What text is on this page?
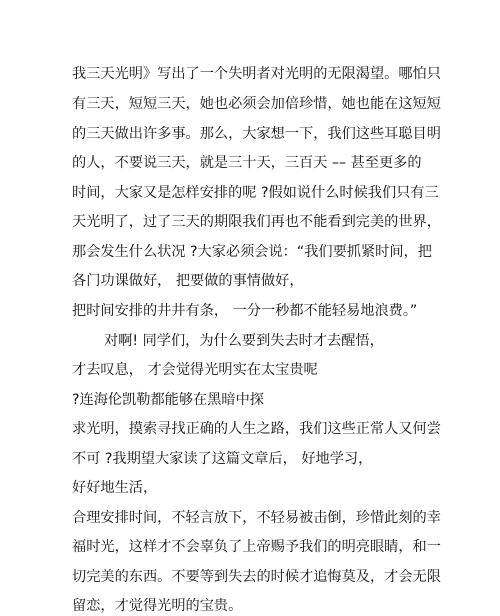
我三天光明》写出了一个失明者对光明的无限渴望。哪怕只
有三天，短短三天，她也必须会加倍珍惜，她也能在这短短
的三天做出许多事。那么，大家想一下，我们这些耳聪目明
的人，不要说三天，就是三十天，三百天 –– 甚至更多的
时间，大家又是怎样安排的呢 ?假如说什么时候我们只有三
天光明了，过了三天的期限我们再也不能看到完美的世界，
那会发生什么状况 ?大家必须会说：“我们要抓紧时间，把
各门功课做好， 把要做的事情做好，
把时间安排的井井有条， 一分一秒都不能轻易地浪费。”
对啊! 同学们，为什么要到失去时才去醒悟，
才去叹息， 才会觉得光明实在太宝贵呢
?连海伦凯勒都能够在黑暗中探
求光明，摸索寻找正确的人生之路，我们这些正常人又何尝
不可 ?我期望大家读了这篇文章后， 好地学习，
好好地生活，
合理安排时间，不轻言放下，不轻易被击倒，珍惜此刻的幸
福时光，这样才不会辜负了上帝赐予我们的明亮眼睛，和一
切完美的东西。不要等到失去的时候才追悔莫及，才会无限
留恋，才觉得光明的宝贵。
